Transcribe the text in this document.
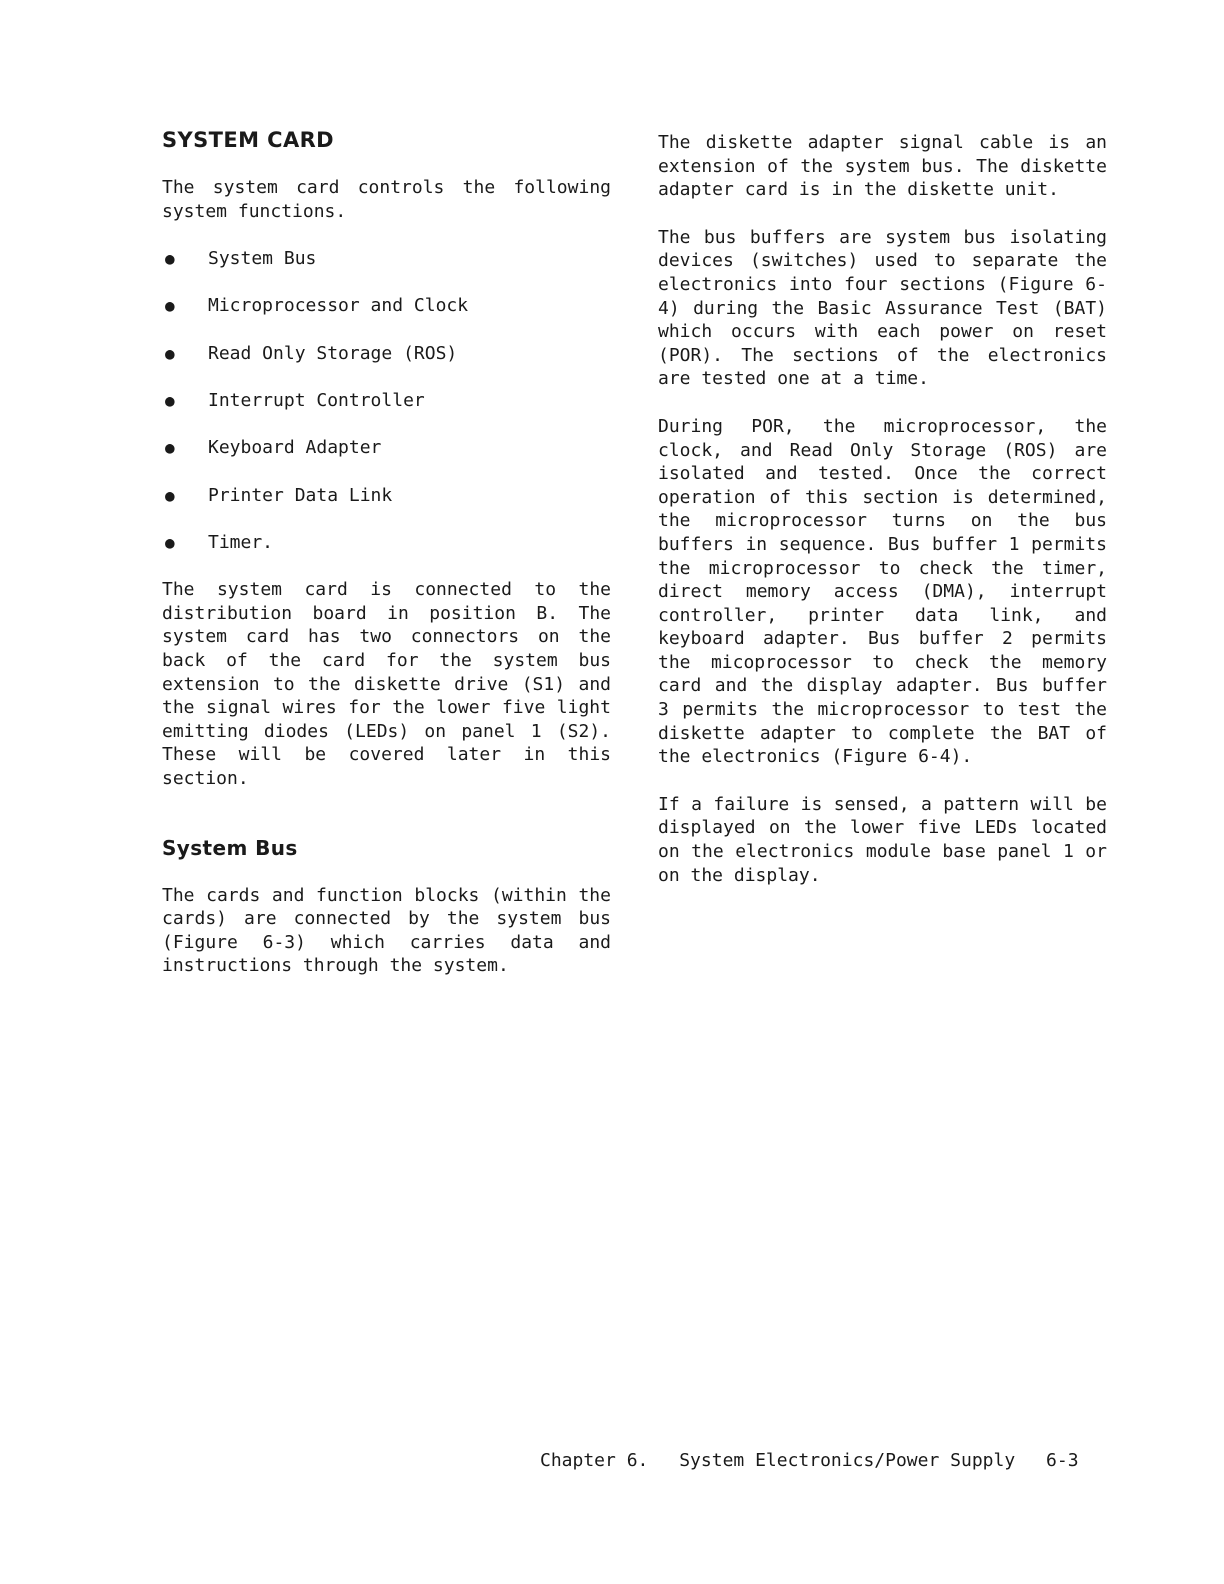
SYSTEM CARD

The system card controls the following system functions.

● System Bus
● Microprocessor and Clock
● Read Only Storage (ROS)
● Interrupt Controller
● Keyboard Adapter
● Printer Data Link
● Timer.

The system card is connected to the distribution board in position B. The system card has two connectors on the back of the card for the system bus extension to the diskette drive (S1) and the signal wires for the lower five light emitting diodes (LEDs) on panel 1 (S2). These will be covered later in this section.

System Bus

The cards and function blocks (within the cards) are connected by the system bus (Figure 6-3) which carries data and instructions through the system.

The diskette adapter signal cable is an extension of the system bus. The diskette adapter card is in the diskette unit.

The bus buffers are system bus isolating devices (switches) used to separate the electronics into four sections (Figure 6-4) during the Basic Assurance Test (BAT) which occurs with each power on reset (POR). The sections of the electronics are tested one at a time.

During POR, the microprocessor, the clock, and Read Only Storage (ROS) are isolated and tested. Once the correct operation of this section is determined, the microprocessor turns on the bus buffers in sequence. Bus buffer 1 permits the microprocessor to check the timer, direct memory access (DMA), interrupt controller, printer data link, and keyboard adapter. Bus buffer 2 permits the micoprocessor to check the memory card and the display adapter. Bus buffer 3 permits the microprocessor to test the diskette adapter to complete the BAT of the electronics (Figure 6-4).

If a failure is sensed, a pattern will be displayed on the lower five LEDs located on the electronics module base panel 1 or on the display.

Chapter 6. System Electronics/Power Supply 6-3
